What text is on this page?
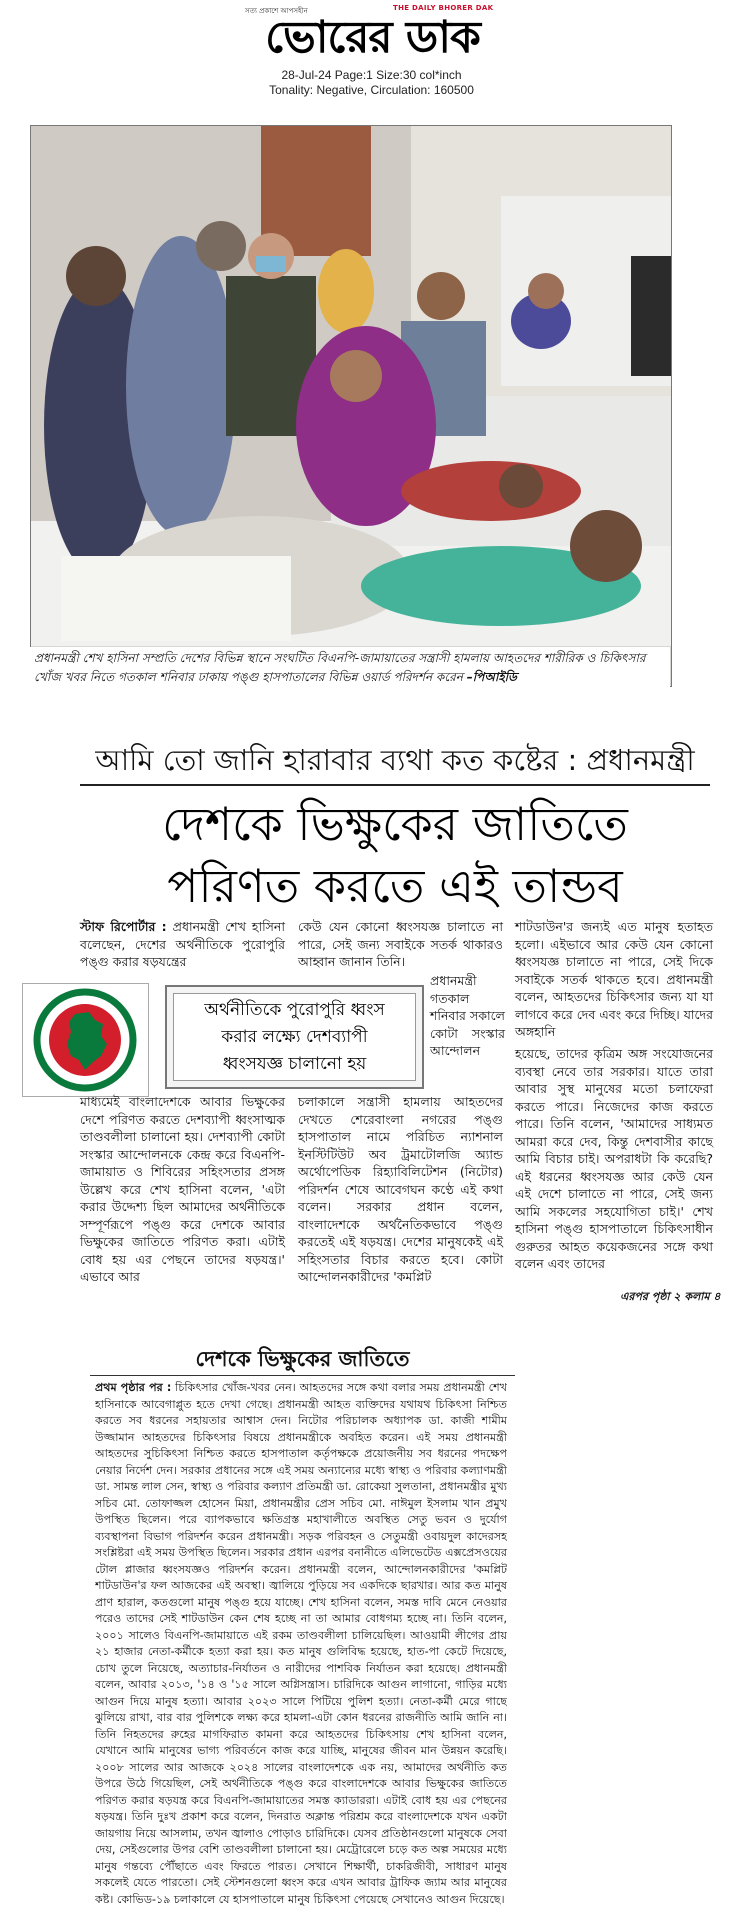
সত্য প্রকাশে আপসহীন	THE DAILY BHORER DAK
ভোরের ডাক
28-Jul-24 Page:1 Size:30 col*inch
Tonality: Negative, Circulation: 160500
প্রধানমন্ত্রী শেখ হাসিনা সম্প্রতি দেশের বিভিন্ন স্থানে সংঘটিত বিএনপি-জামায়াতের সন্ত্রাসী হামলায় আহতদের শারীরিক ও চিকিৎসার খোঁজ খবর নিতে গতকাল শনিবার ঢাকায় পঙ্গু হাসপাতালের বিভিন্ন ওয়ার্ড পরিদর্শন করেন –পিআইডি
আমি তো জানি হারাবার ব্যথা কত কষ্টের : প্রধানমন্ত্রী
দেশকে ভিক্ষুকের জাতিতে
পরিণত করতে এই তান্ডব
স্টাফ রিপোর্টার : প্রধানমন্ত্রী শেখ হাসিনা বলেছেন, দেশের অর্থনীতিকে পুরোপুরি পঙ্গু করার ষড়যন্ত্রের
কেউ যেন কোনো ধ্বংসযজ্ঞ চালাতে না পারে, সেই জন্য সবাইকে সতর্ক থাকারও আহ্বান জানান তিনি।
প্রধানমন্ত্রী গতকাল শনিবার সকালে কোটা সংস্কার আন্দোলন
শাটডাউন'র জন্যই এত মানুষ হতাহত হলো। এইভাবে আর কেউ যেন কোনো ধ্বংসযজ্ঞ চালাতে না পারে, সেই দিকে সবাইকে সতর্ক থাকতে হবে। প্রধানমন্ত্রী বলেন, আহতদের চিকিৎসার জন্য যা যা লাগবে করে দেব এবং করে দিচ্ছি। যাদের অঙ্গহানি
অর্থনীতিকে পুরোপুরি ধ্বংস
করার লক্ষ্যে দেশব্যাপী
ধ্বংসযজ্ঞ চালানো হয়
মাধ্যমেই বাংলাদেশকে আবার ভিক্ষুকের দেশে পরিণত করতে দেশব্যাপী ধ্বংসাত্মক তাণ্ডবলীলা চালানো হয়। দেশব্যাপী কোটা সংস্কার আন্দোলনকে কেন্দ্র করে বিএনপি-জামায়াত ও শিবিরের সহিংসতার প্রসঙ্গ উল্লেখ করে শেখ হাসিনা বলেন, 'এটা করার উদ্দেশ্য ছিল আমাদের অর্থনীতিকে সম্পূর্ণরূপে পঙ্গু করে দেশকে আবার ভিক্ষুকের জাতিতে পরিণত করা। এটাই বোধ হয় এর পেছনে তাদের ষড়যন্ত্র।' এভাবে আর
চলাকালে সন্ত্রাসী হামলায় আহতদের দেখতে শেরেবাংলা নগরের পঙ্গু হাসপাতাল নামে পরিচিত ন্যাশনাল ইনস্টিটিউট অব ট্রমাটোলজি অ্যান্ড অর্থোপেডিক রিহ্যাবিলিটেশন (নিটোর) পরিদর্শন শেষে আবেগঘন কণ্ঠে এই কথা বলেন। সরকার প্রধান বলেন, বাংলাদেশকে অর্থনৈতিকভাবে পঙ্গু করতেই এই ষড়যন্ত্র। দেশের মানুষকেই এই সহিংসতার বিচার করতে হবে। কোটা আন্দোলনকারীদের 'কমপ্লিট
হয়েছে, তাদের কৃত্রিম অঙ্গ সংযোজনের ব্যবস্থা নেবে তার সরকার। যাতে তারা আবার সুস্থ মানুষের মতো চলাফেরা করতে পারে। নিজেদের কাজ করতে পারে। তিনি বলেন, 'আমাদের সাধ্যমত আমরা করে দেব, কিন্তু দেশবাসীর কাছে আমি বিচার চাই। অপরাধটা কি করেছি? এই ধরনের ধ্বংসযজ্ঞ আর কেউ যেন এই দেশে চালাতে না পারে, সেই জন্য আমি সকলের সহযোগিতা চাই।' শেখ হাসিনা পঙ্গু হাসপাতালে চিকিৎসাধীন গুরুতর আহত কয়েকজনের সঙ্গে কথা বলেন এবং তাদের
এরপর পৃষ্ঠা ২ কলাম ৪
দেশকে ভিক্ষুকের জাতিতে
প্রথম পৃষ্ঠার পর : চিকিৎসার খোঁজ-খবর নেন। আহতদের সঙ্গে কথা বলার সময় প্রধানমন্ত্রী শেখ হাসিনাকে আবেগাপ্লুত হতে দেখা গেছে। প্রধানমন্ত্রী আহত ব্যক্তিদের যথাযথ চিকিৎসা নিশ্চিত করতে সব ধরনের সহায়তার আশ্বাস দেন। নিটোর পরিচালক অধ্যাপক ডা. কাজী শামীম উজ্জামান আহতদের চিকিৎসার বিষয়ে প্রধানমন্ত্রীকে অবহিত করেন। এই সময় প্রধানমন্ত্রী আহতদের সুচিকিৎসা নিশ্চিত করতে হাসপাতাল কর্তৃপক্ষকে প্রয়োজনীয় সব ধরনের পদক্ষেপ নেয়ার নির্দেশ দেন। সরকার প্রধানের সঙ্গে এই সময় অন্যান্যের মধ্যে স্বাস্থ্য ও পরিবার কল্যাণমন্ত্রী ডা. সামন্ত লাল সেন, স্বাস্থ্য ও পরিবার কল্যাণ প্রতিমন্ত্রী ডা. রোকেয়া সুলতানা, প্রধানমন্ত্রীর মুখ্য সচিব মো. তোফাজ্জল হোসেন মিয়া, প্রধানমন্ত্রীর প্রেস সচিব মো. নাঈমুল ইসলাম খান প্রমুখ উপস্থিত ছিলেন। পরে ব্যাপকভাবে ক্ষতিগ্রস্ত মহাখালীতে অবস্থিত সেতু ভবন ও দুর্যোগ ব্যবস্থাপনা বিভাগ পরিদর্শন করেন প্রধানমন্ত্রী। সড়ক পরিবহন ও সেতুমন্ত্রী ওবায়দুল কাদেরসহ সংশ্লিষ্টরা এই সময় উপস্থিত ছিলেন। সরকার প্রধান এরপর বনানীতে এলিভেটেড এক্সপ্রেসওয়ের টোল প্লাজার ধ্বংসযজ্ঞও পরিদর্শন করেন। প্রধানমন্ত্রী বলেন, আন্দোলনকারীদের 'কমপ্লিট শাটডাউন'র ফল আজকের এই অবস্থা। জ্বালিয়ে পুড়িয়ে সব একদিকে ছারখার। আর কত মানুষ প্রাণ হারাল, কতগুলো মানুষ পঙ্গু হয়ে যাচ্ছে। শেখ হাসিনা বলেন, সমস্ত দাবি মেনে নেওয়ার পরেও তাদের সেই শাটডাউন কেন শেষ হচ্ছে না তা আমার বোধগম্য হচ্ছে না। তিনি বলেন, ২০০১ সালেও বিএনপি-জামায়াতে এই রকম তাণ্ডবলীলা চালিয়েছিল। আওয়ামী লীগের প্রায় ২১ হাজার নেতা-কর্মীকে হত্যা করা হয়। কত মানুষ গুলিবিদ্ধ হয়েছে, হাত-পা কেটে দিয়েছে, চোখ তুলে নিয়েছে, অত্যাচার-নির্যাতন ও নারীদের পাশবিক নির্যাতন করা হয়েছে। প্রধানমন্ত্রী বলেন, আবার ২০১৩, '১৪ ও '১৫ সালে অগ্নিসন্ত্রাস। চারিদিকে আগুন লাগানো, গাড়ির মধ্যে আগুন দিয়ে মানুষ হত্যা। আবার ২০২৩ সালে পিটিয়ে পুলিশ হত্যা। নেতা-কর্মী মেরে গাছে ঝুলিয়ে রাখা, বার বার পুলিশকে লক্ষ্য করে হামলা-এটা কোন ধরনের রাজনীতি আমি জানি না। তিনি নিহতদের রুহের মাগফিরাত কামনা করে আহতদের চিকিৎসায় শেখ হাসিনা বলেন, যেখানে আমি মানুষের ভাগ্য পরিবর্তনে কাজ করে যাচ্ছি, মানুষের জীবন মান উন্নয়ন করেছি। ২০০৮ সালের আর আজকে ২০২৪ সালের বাংলাদেশকে এক নয়, আমাদের অর্থনীতি কত উপরে উঠে গিয়েছিল, সেই অর্থনীতিকে পঙ্গু করে বাংলাদেশকে আবার ভিক্ষুকের জাতিতে পরিণত করার ষড়যন্ত্র করে বিএনপি-জামায়াতের সমস্ত ক্যাডাররা। এটাই বোধ হয় এর পেছনের ষড়যন্ত্র। তিনি দুঃখ প্রকাশ করে বলেন, দিনরাত অক্লান্ত পরিশ্রম করে বাংলাদেশকে যখন একটা জায়গায় নিয়ে আসলাম, তখন জ্বালাও পোড়াও চারিদিকে। যেসব প্রতিষ্ঠানগুলো মানুষকে সেবা দেয়, সেইগুলোর উপর বেশি তাণ্ডবলীলা চালানো হয়। মেট্রোরেলে চড়ে কত অল্প সময়ের মধ্যে মানুষ গন্তব্যে পৌঁছাতে এবং ফিরতে পারত। সেখানে শিক্ষার্থী, চাকরিজীবী, সাধারণ মানুষ সকলেই যেতে পারতো। সেই স্টেশনগুলো ধ্বংস করে এখন আবার ট্রাফিক জ্যাম আর মানুষের কষ্ট। কোভিড-১৯ চলাকালে যে হাসপাতালে মানুষ চিকিৎসা পেয়েছে সেখানেও আগুন দিয়েছে।
